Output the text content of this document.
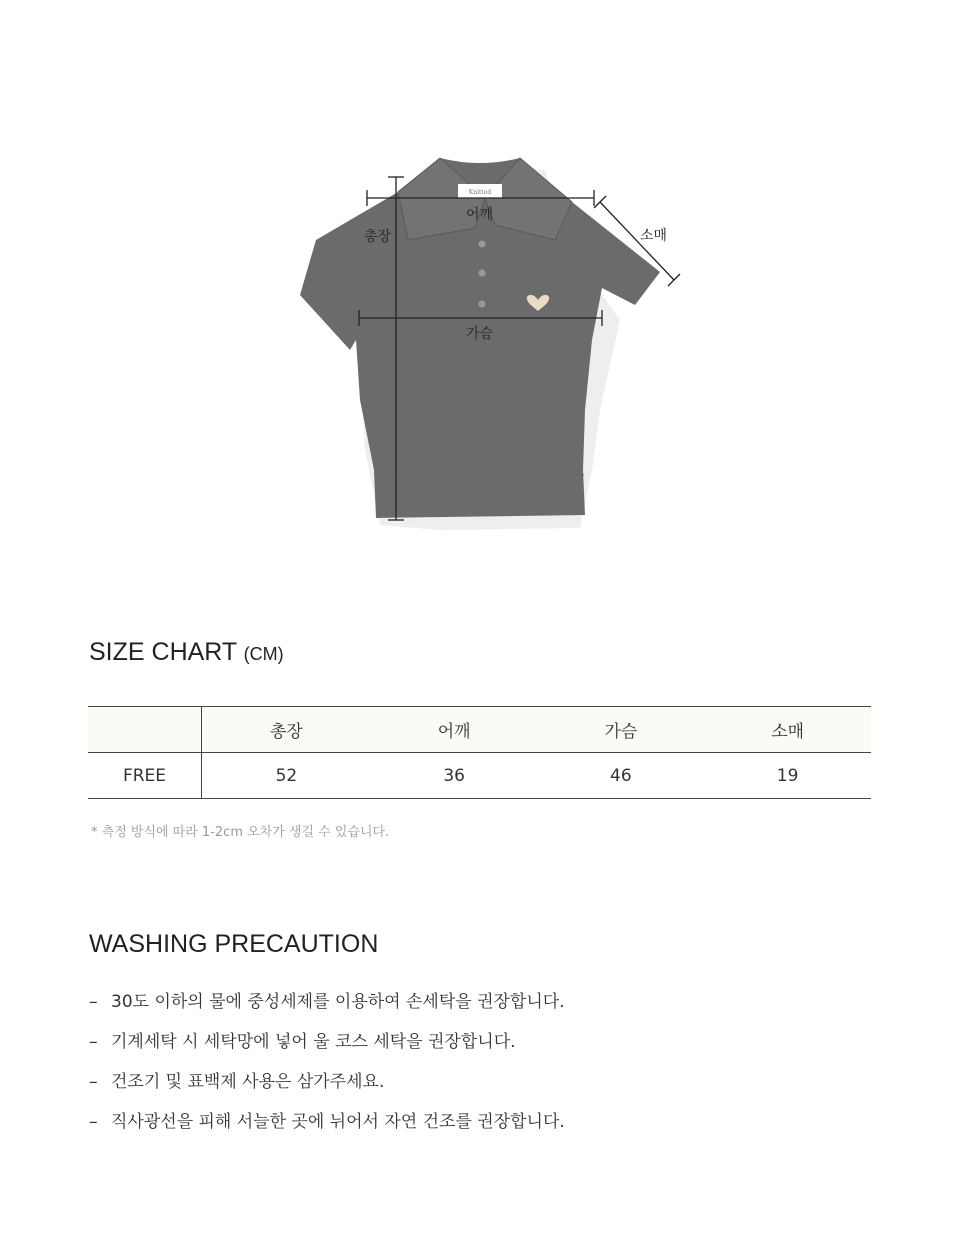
Knitted
총장
어깨
소매
가슴
SIZE CHART (CM)
	총장	어깨	가슴	소매
FREE	52	36	46	19
* 측정 방식에 따라 1-2cm 오차가 생길 수 있습니다.
WASHING PRECAUTION
– 30도 이하의 물에 중성세제를 이용하여 손세탁을 권장합니다.
– 기계세탁 시 세탁망에 넣어 울 코스 세탁을 권장합니다.
– 건조기 및 표백제 사용은 삼가주세요.
– 직사광선을 피해 서늘한 곳에 뉘어서 자연 건조를 권장합니다.
